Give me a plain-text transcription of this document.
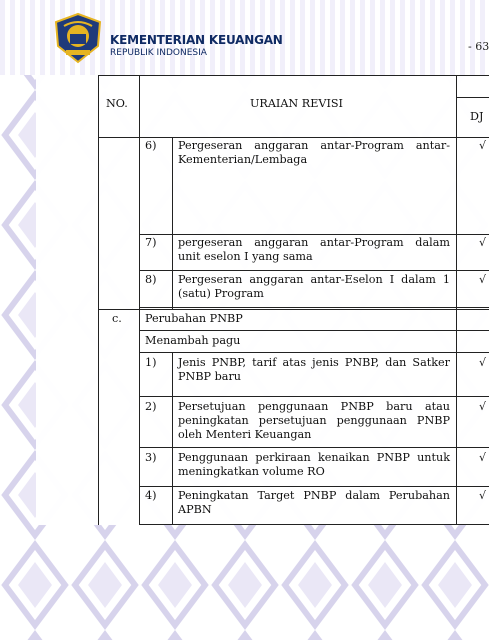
KEMENTERIAN KEUANGAN
REPUBLIK INDONESIA	- 63
NO.	URAIAN REVISI
DJ
6) Pergeseran anggaran antar-Program antar-Kementerian/Lembaga
√
7) pergeseran anggaran antar-Program dalam unit eselon I yang sama
√
8) Pergeseran anggaran antar-Eselon I dalam 1 (satu) Program
√
c. Perubahan PNBP
Menambah pagu
1) Jenis PNBP, tarif atas jenis PNBP, dan Satker PNBP baru
√
2) Persetujuan penggunaan PNBP baru atau peningkatan persetujuan penggunaan PNBP oleh Menteri Keuangan
√
3) Penggunaan perkiraan kenaikan PNBP untuk meningkatkan volume RO
√
4) Peningkatan Target PNBP dalam Perubahan APBN
√
